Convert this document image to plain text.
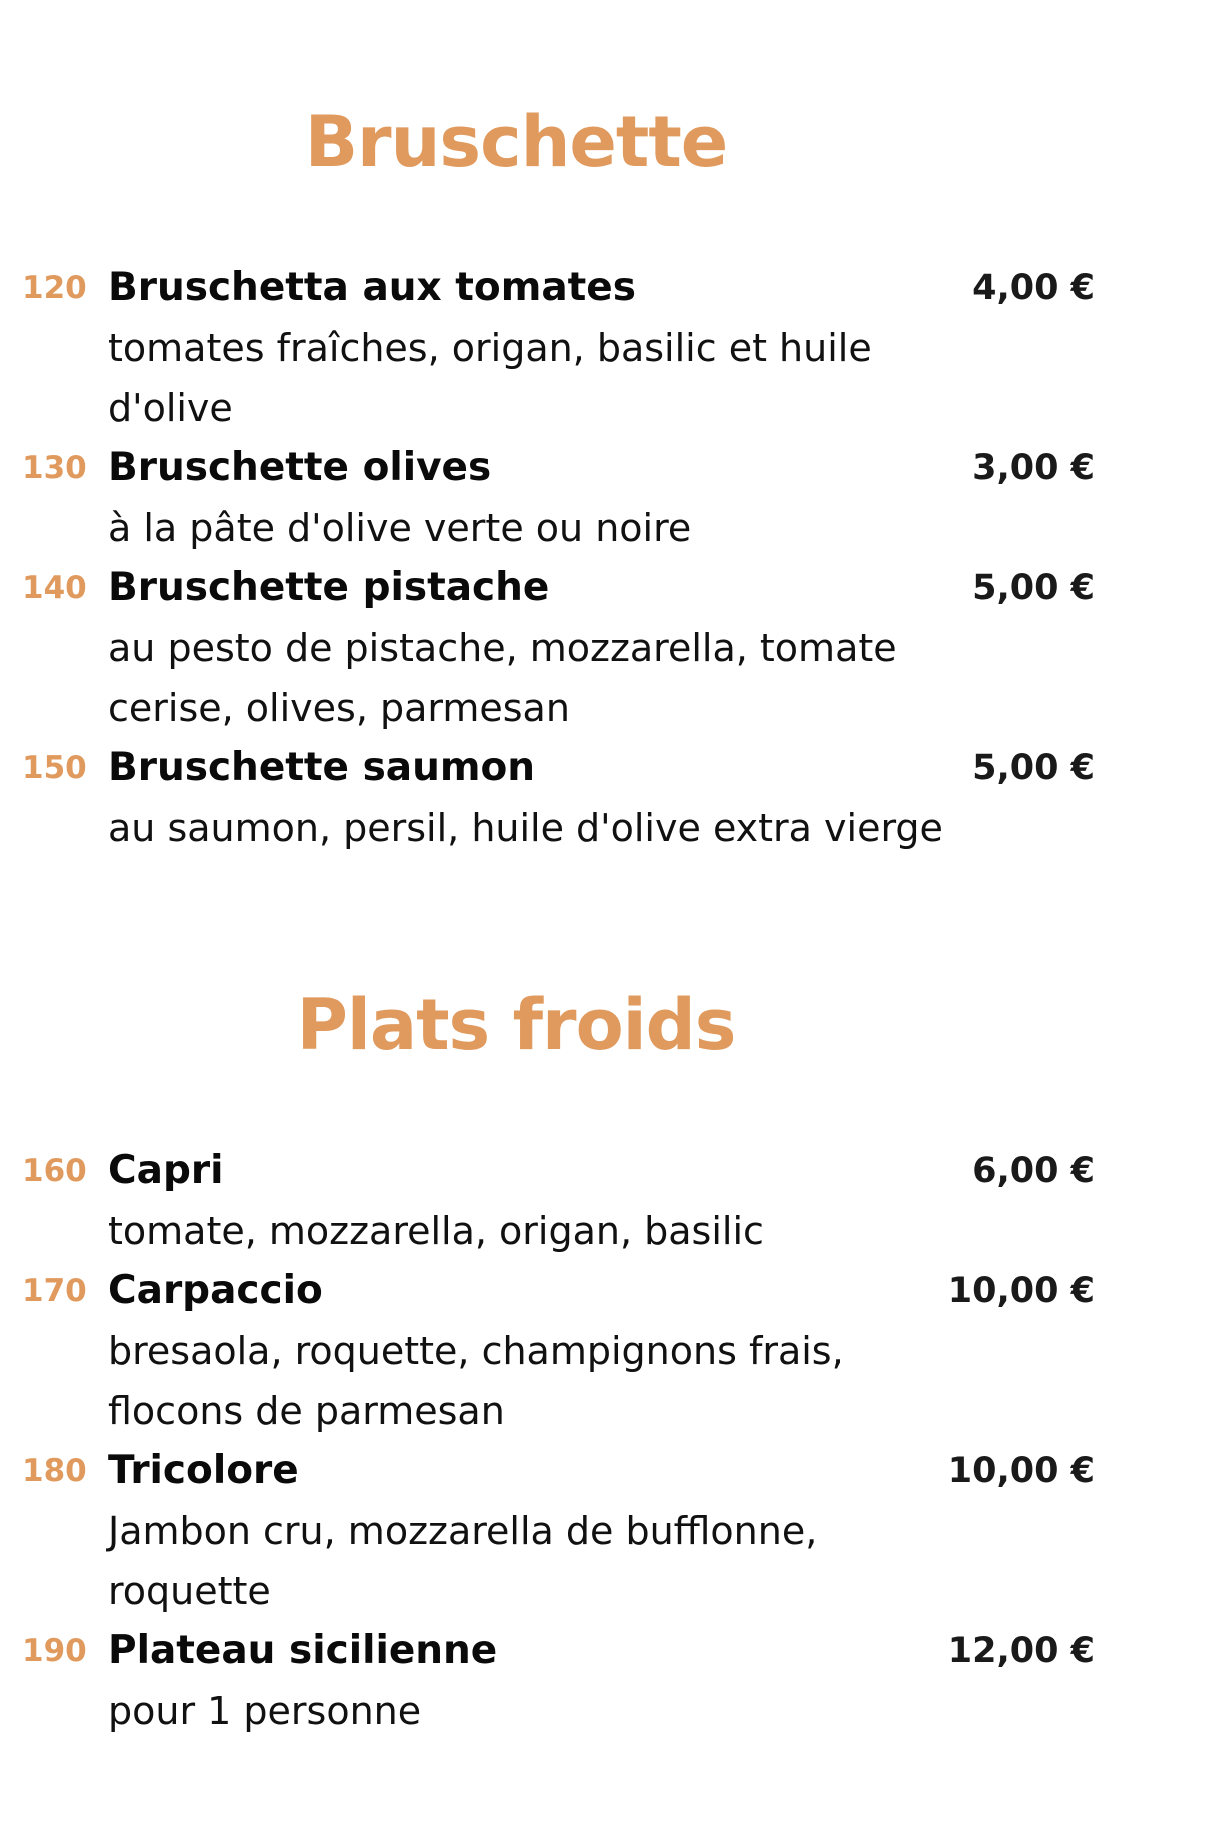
Bruschette
120 Bruschetta aux tomates	4,00 €
tomates fraîches, origan, basilic et huile d'olive
130 Bruschette olives	3,00 €
à la pâte d'olive verte ou noire
140 Bruschette pistache	5,00 €
au pesto de pistache, mozzarella, tomate cerise, olives, parmesan
150 Bruschette saumon	5,00 €
au saumon, persil, huile d'olive extra vierge
Plats froids
160 Capri	6,00 €
tomate, mozzarella, origan, basilic
170 Carpaccio	10,00 €
bresaola, roquette, champignons frais, flocons de parmesan
180 Tricolore	10,00 €
Jambon cru, mozzarella de bufflonne, roquette
190 Plateau sicilienne	12,00 €
pour 1 personne
